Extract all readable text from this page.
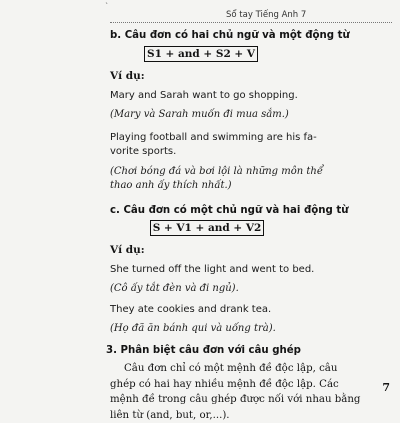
`
Sổ tay Tiếng Anh 7
b. Câu đơn có hai chủ ngữ và một động từ
S1 + and + S2 + V
Ví dụ:
Mary and Sarah want to go shopping.
(Mary và Sarah muốn đi mua sắm.)
Playing football and swimming are his fa-
vorite sports.
(Chơi bóng đá và bơi lội là những môn thể
thao anh ấy thích nhất.)
c. Câu đơn có một chủ ngữ và hai động từ
S + V1 + and + V2
Ví dụ:
She turned off the light and went to bed.
(Cô ấy tắt đèn và đi ngủ).
They ate cookies and drank tea.
(Họ đã ăn bánh qui và uống trà).
3. Phân biệt câu đơn với câu ghép
Câu đơn chỉ có một mệnh đề độc lập, câu
ghép có hai hay nhiều mệnh đề độc lập. Các
mệnh đề trong câu ghép được nối với nhau bằng
liên từ (and, but, or,...).
7
